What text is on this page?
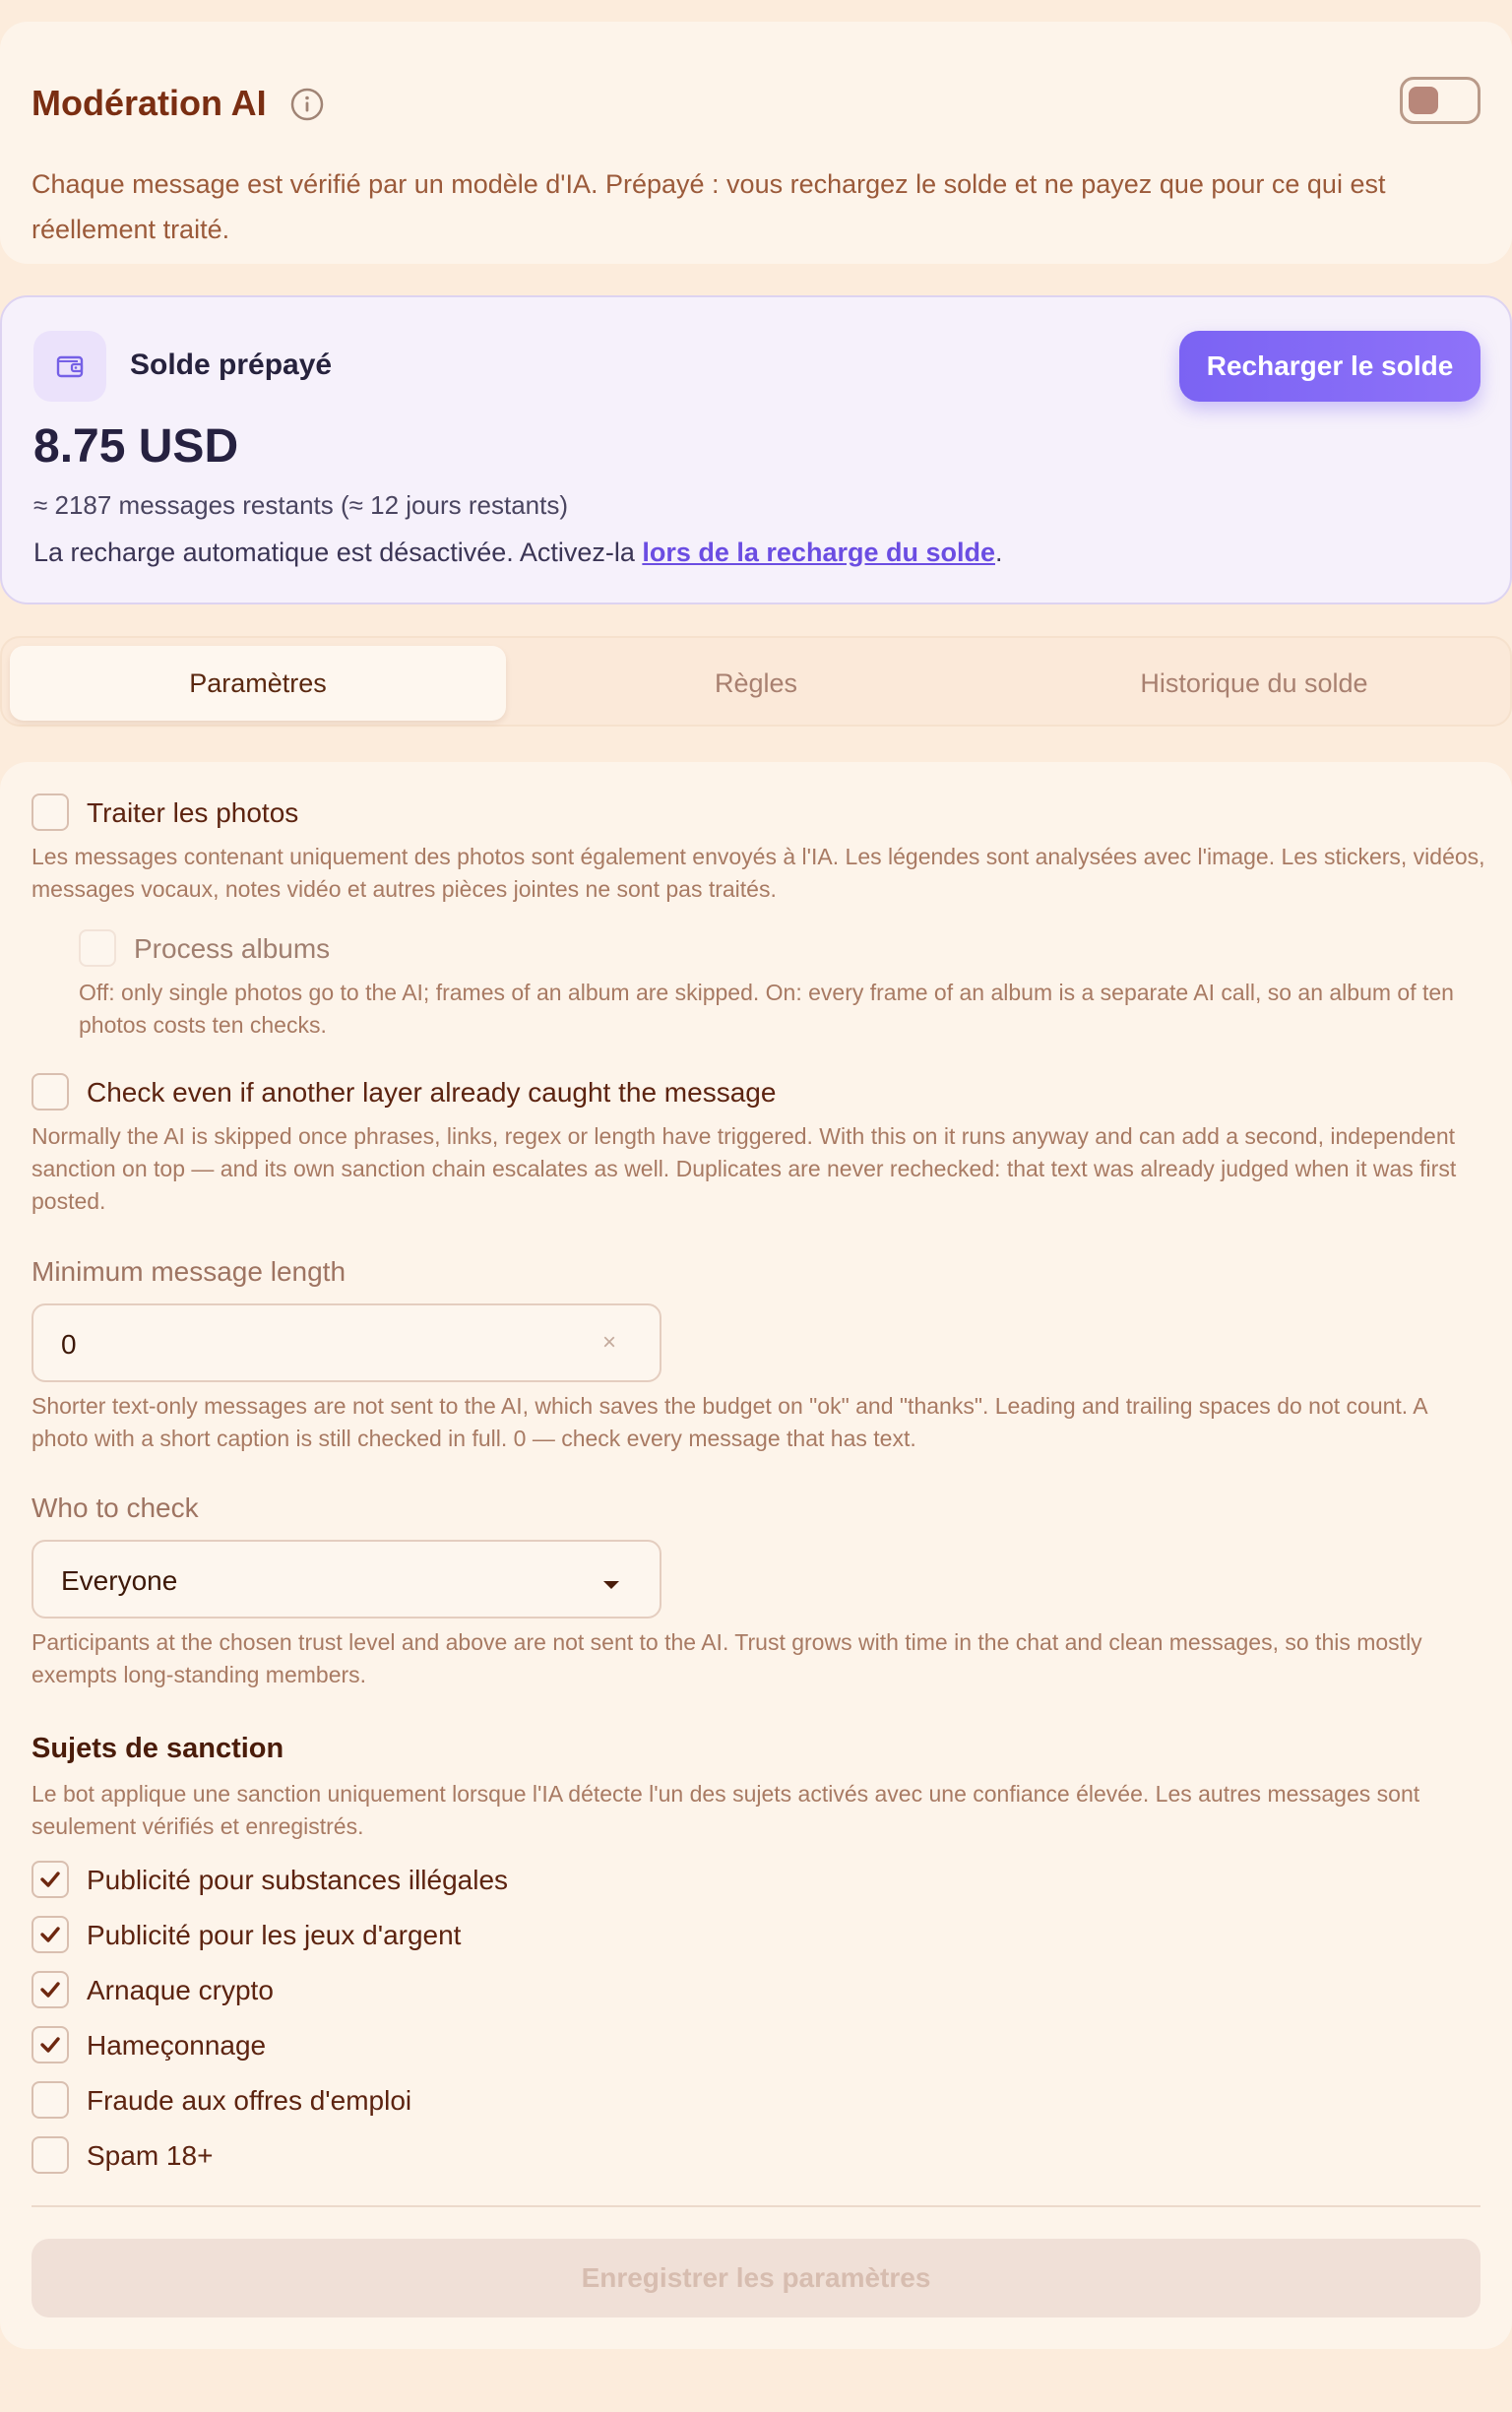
Modération AI
Chaque message est vérifié par un modèle d'IA. Prépayé : vous rechargez le solde et ne payez que pour ce qui est réellement traité.
Solde prépayé	Recharger le solde
8.75 USD
≈ 2187 messages restants (≈ 12 jours restants)
La recharge automatique est désactivée. Activez-la lors de la recharge du solde.
Paramètres	Règles	Historique du solde
Traiter les photos
Les messages contenant uniquement des photos sont également envoyés à l'IA. Les légendes sont analysées avec l'image. Les stickers, vidéos, messages vocaux, notes vidéo et autres pièces jointes ne sont pas traités.
Process albums
Off: only single photos go to the AI; frames of an album are skipped. On: every frame of an album is a separate AI call, so an album of ten photos costs ten checks.
Check even if another layer already caught the message
Normally the AI is skipped once phrases, links, regex or length have triggered. With this on it runs anyway and can add a second, independent sanction on top — and its own sanction chain escalates as well. Duplicates are never rechecked: that text was already judged when it was first posted.
Minimum message length
0	×
Shorter text-only messages are not sent to the AI, which saves the budget on "ok" and "thanks". Leading and trailing spaces do not count. A photo with a short caption is still checked in full. 0 — check every message that has text.
Who to check
Everyone
Participants at the chosen trust level and above are not sent to the AI. Trust grows with time in the chat and clean messages, so this mostly exempts long-standing members.
Sujets de sanction
Le bot applique une sanction uniquement lorsque l'IA détecte l'un des sujets activés avec une confiance élevée. Les autres messages sont seulement vérifiés et enregistrés.
Publicité pour substances illégales
Publicité pour les jeux d'argent
Arnaque crypto
Hameçonnage
Fraude aux offres d'emploi
Spam 18+
Enregistrer les paramètres
